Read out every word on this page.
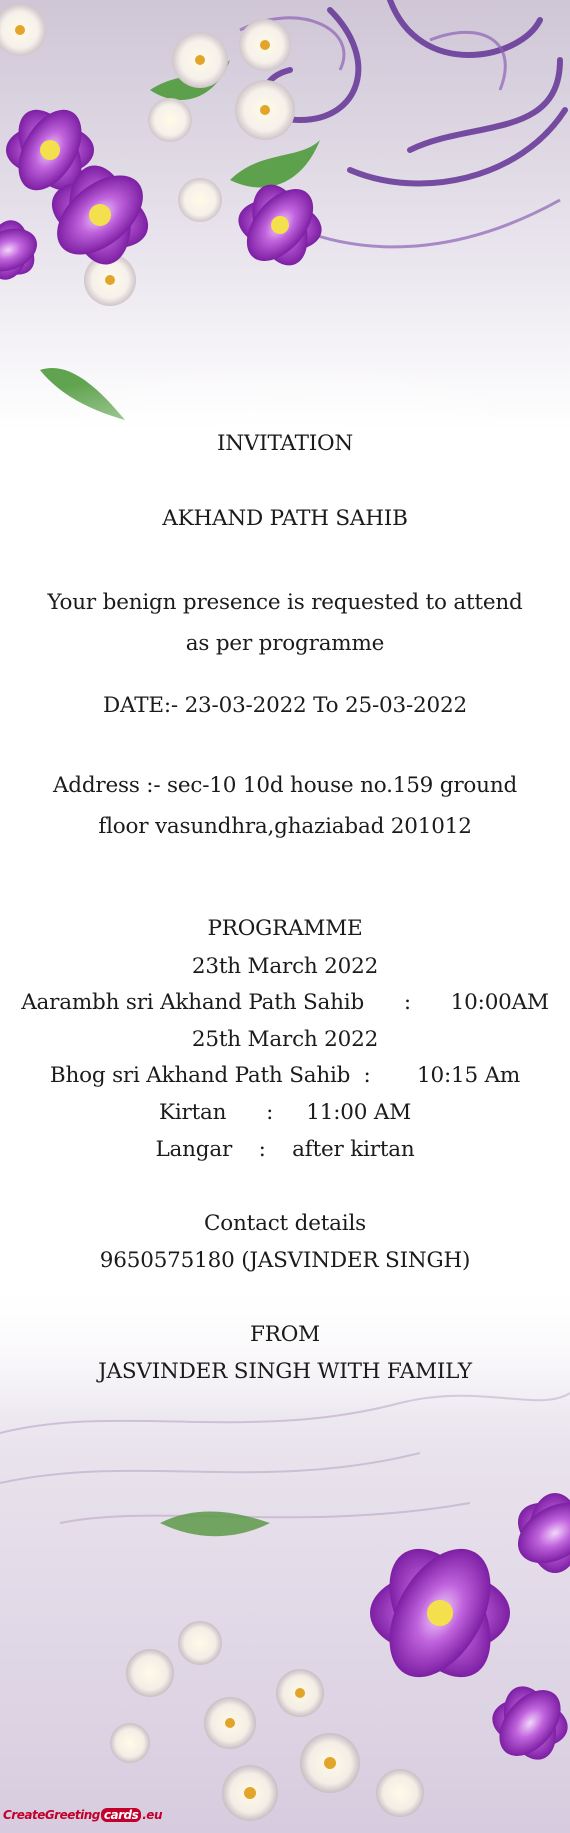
INVITATION
AKHAND PATH SAHIB
Your benign presence is requested to attend as per programme
DATE:- 23-03-2022 To 25-03-2022
Address :- sec-10 10d house no.159 ground floor vasundhra,ghaziabad 201012
PROGRAMME
23th March 2022
Aarambh sri Akhand Path Sahib      :      10:00AM
25th March 2022
Bhog sri Akhand Path Sahib  :       10:15 Am
Kirtan      :     11:00 AM
Langar    :    after kirtan
Contact details
9650575180 (JASVINDER SINGH)
FROM
JASVINDER SINGH WITH FAMILY
CreateGreeting cards .eu
